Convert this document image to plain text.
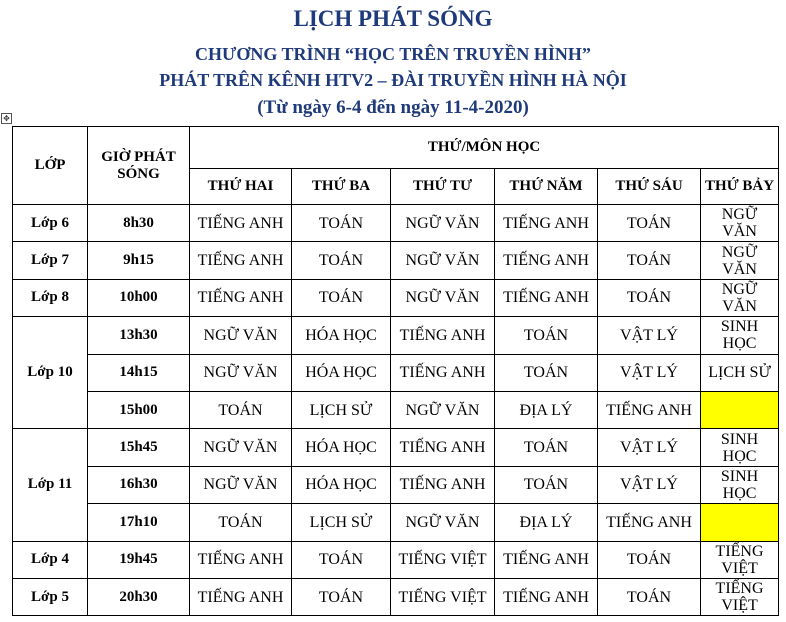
LỊCH PHÁT SÓNG
CHƯƠNG TRÌNH “HỌC TRÊN TRUYỀN HÌNH”
PHÁT TRÊN KÊNH HTV2 – ĐÀI TRUYỀN HÌNH HÀ NỘI
(Từ ngày 6-4 đến ngày 11-4-2020)
✥
LỚP	GIỜ PHÁT SÓNG	THỨ/MÔN HỌC					
		THỨ HAI	THỨ BA	THỨ TƯ	THỨ NĂM	THỨ SÁU	THỨ BẢY
Lớp 6	8h30	TIẾNG ANH	TOÁN	NGỮ VĂN	TIẾNG ANH	TOÁN	NGỮ VĂN
Lớp 7	9h15	TIẾNG ANH	TOÁN	NGỮ VĂN	TIẾNG ANH	TOÁN	NGỮ VĂN
Lớp 8	10h00	TIẾNG ANH	TOÁN	NGỮ VĂN	TIẾNG ANH	TOÁN	NGỮ VĂN
Lớp 10	13h30	NGỮ VĂN	HÓA HỌC	TIẾNG ANH	TOÁN	VẬT LÝ	SINH HỌC
	14h15	NGỮ VĂN	HÓA HỌC	TIẾNG ANH	TOÁN	VẬT LÝ	LỊCH SỬ
	15h00	TOÁN	LỊCH SỬ	NGỮ VĂN	ĐỊA LÝ	TIẾNG ANH	
Lớp 11	15h45	NGỮ VĂN	HÓA HỌC	TIẾNG ANH	TOÁN	VẬT LÝ	SINH HỌC
	16h30	NGỮ VĂN	HÓA HỌC	TIẾNG ANH	TOÁN	VẬT LÝ	SINH HỌC
	17h10	TOÁN	LỊCH SỬ	NGỮ VĂN	ĐỊA LÝ	TIẾNG ANH	
Lớp 4	19h45	TIẾNG ANH	TOÁN	TIẾNG VIỆT	TIẾNG ANH	TOÁN	TIẾNG VIỆT
Lớp 5	20h30	TIẾNG ANH	TOÁN	TIẾNG VIỆT	TIẾNG ANH	TOÁN	TIẾNG VIỆT
